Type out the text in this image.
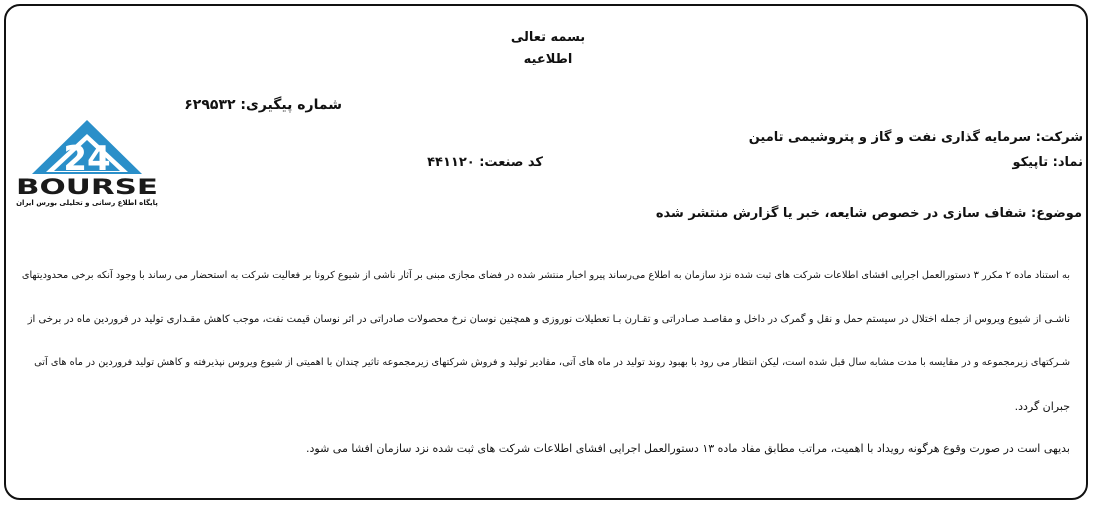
بسمه تعالی
اطلاعیه
شماره پیگیری: ۶۲۹۵۳۲
24
BOURSE
پایگاه اطلاع رسانی و تحلیلی بورس ایران
شرکت: سرمایه گذاری نفت و گاز و پتروشیمی تامین
نماد: تاپیکو
کد صنعت: ۴۴۱۱۲۰
موضوع: شفاف سازی در خصوص شایعه، خبر یا گزارش منتشر شده
به استناد ماده ۲ مکرر ۳ دستورالعمل اجرایی افشای اطلاعات شرکت های ثبت شده نزد سازمان به اطلاع می‌رساند پیرو اخبار منتشر شده در فضای مجازی مبنی بر آثار ناشی از شیوع کرونا بر فعالیت شرکت به استحضار می رساند با وجود آنکه برخی محدودیتهای
ناشـی از شیوع ویروس از جمله اختلال در سیستم حمل و نقل و گمرک در داخل و مقاصـد صـادراتی و تقـارن بـا تعطیلات نوروزی و همچنین نوسان نرخ محصولات صادراتی در اثر نوسان قیمت نفت، موجب کاهش مقـداری تولید در فروردین ماه در برخی از
شـرکتهای زیرمجموعه و در مقایسه با مدت مشابه سال قبل شده است، لیکن انتظار می رود با بهبود روند تولید در ماه های آتی، مقادیر تولید و فروش شرکتهای زیرمجموعه تاثیر چندان با اهمیتی از شیوع ویروس نپذیرفته و کاهش تولید فروردین در ماه های آتی
جبران گردد.
بدیهی است در صورت وقوع هرگونه رویداد با اهمیت، مراتب مطابق مفاد ماده ۱۳ دستورالعمل اجرایی افشای اطلاعات شرکت های ثبت شده نزد سازمان افشا می شود.
